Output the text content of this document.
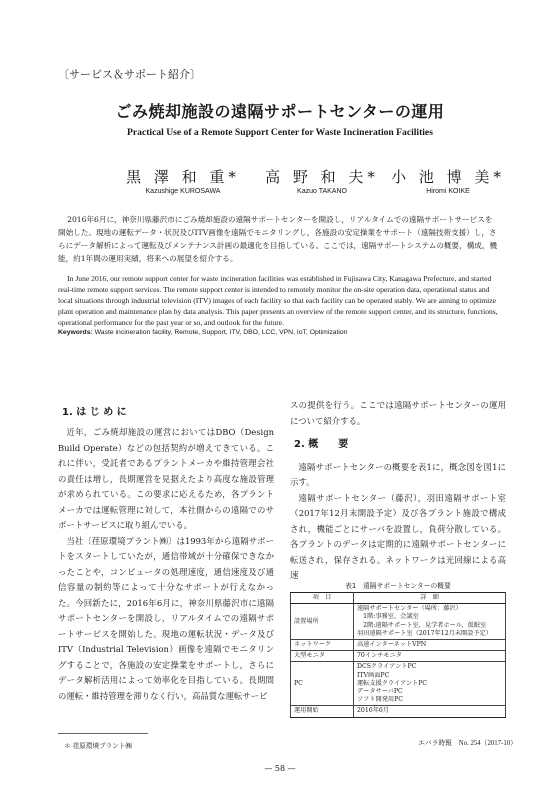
〔サービス＆サポート紹介〕
ごみ焼却施設の遠隔サポートセンターの運用
Practical Use of a Remote Support Center for Waste Incineration Facilities
黒 澤 和 重*
Kazushige KUROSAWA
高 野 和 夫*
Kazuo TAKANO
小 池 博 美*
Hiromi KOIKE
2016年6月に，神奈川県藤沢市にごみ焼却施設の遠隔サポートセンターを開設し，リアルタイムでの遠隔サポートサービスを開始した。現地の運転データ・状況及びITV画像を遠隔でモニタリングし，各施設の安定操業をサポート（遠隔技術支援）し，さらにデータ解析によって運転及びメンテナンス計画の最適化を目指している。ここでは，遠隔サポートシステムの概要，構成，機能，約1年間の運用実績，将来への展望を紹介する。
In June 2016, our remote support center for waste incineration facilities was established in Fujisawa City, Kanagawa Prefecture, and started real-time remote support services. The remote support center is intended to remotely monitor the on-site operation data, operational status and local situations through industrial television (ITV) images of each facility so that each facility can be operated stably. We are aiming to optimize plant operation and maintenance plan by data analysis. This paper presents an overview of the remote support center, and its structure, functions, operational performance for the past year or so, and outlook for the future.
Keywords: Waste incineration facility, Remote, Support, ITV, DBO, LCC, VPN, IoT, Optimization
1. は じ め に

近年，ごみ焼却施設の運営においてはDBO（Design Build Operate）などの包括契約が増えてきている。これに伴い，受託者であるプラントメーカや維持管理会社の責任は増し，長期運営を見据えたより高度な施設管理が求められている。この要求に応えるため，各プラントメーカでは運転管理に対して，本社側からの遠隔でのサポートサービスに取り組んでいる。

当社〔荏原環境プラント㈱〕は1993年から遠隔サポートをスタートしていたが，通信帯域が十分確保できなかったことや，コンピュータの処理速度，通信速度及び通信容量の制約等によって十分なサポートが行えなかった。今回新たに，2016年6月に，神奈川県藤沢市に遠隔サポートセンターを開設し，リアルタイムでの遠隔サポートサービスを開始した。現地の運転状況・データ及びITV（Industrial Television）画像を遠隔でモニタリングすることで，各施設の安定操業をサポートし，さらにデータ解析活用によって効率化を目指している。長期間の運転・維持管理を滞りなく行い，高品質な運転サービ

スの提供を行う。ここでは遠隔サポートセンターの運用について紹介する。

2. 概　　要

遠隔サポートセンターの概要を表1に，概念図を図1に示す。

遠隔サポートセンター（藤沢），羽田遠隔サポート室（2017年12月末開設予定）及び各プラント施設で構成され，機能ごとにサーバを設置し，負荷分散している。各プラントのデータは定期的に遠隔サポートセンターに転送され，保存される。ネットワークは光回線による高速

表1　遠隔サポートセンターの概要
項　目	詳　細
設置場所	遠隔サポートセンター（場所：藤沢）
　1階:事務室，会議室
　2階:遠隔サポート室，見学者ホール，仮眠室
羽田遠隔サポート室（2017年12月末開設予定）

ネットワーク	高速インターネットVPN

大型モニタ	70インチモニタ

PC	DCSクライアントPC
ITV画面PC
運転支援クライアントPC
データサーバPC
ソフト開発用PC

運用開始	2016年6月
＊ 荏原環境プラント㈱	エバラ時報　No. 254（2017-10）
— 58 —
